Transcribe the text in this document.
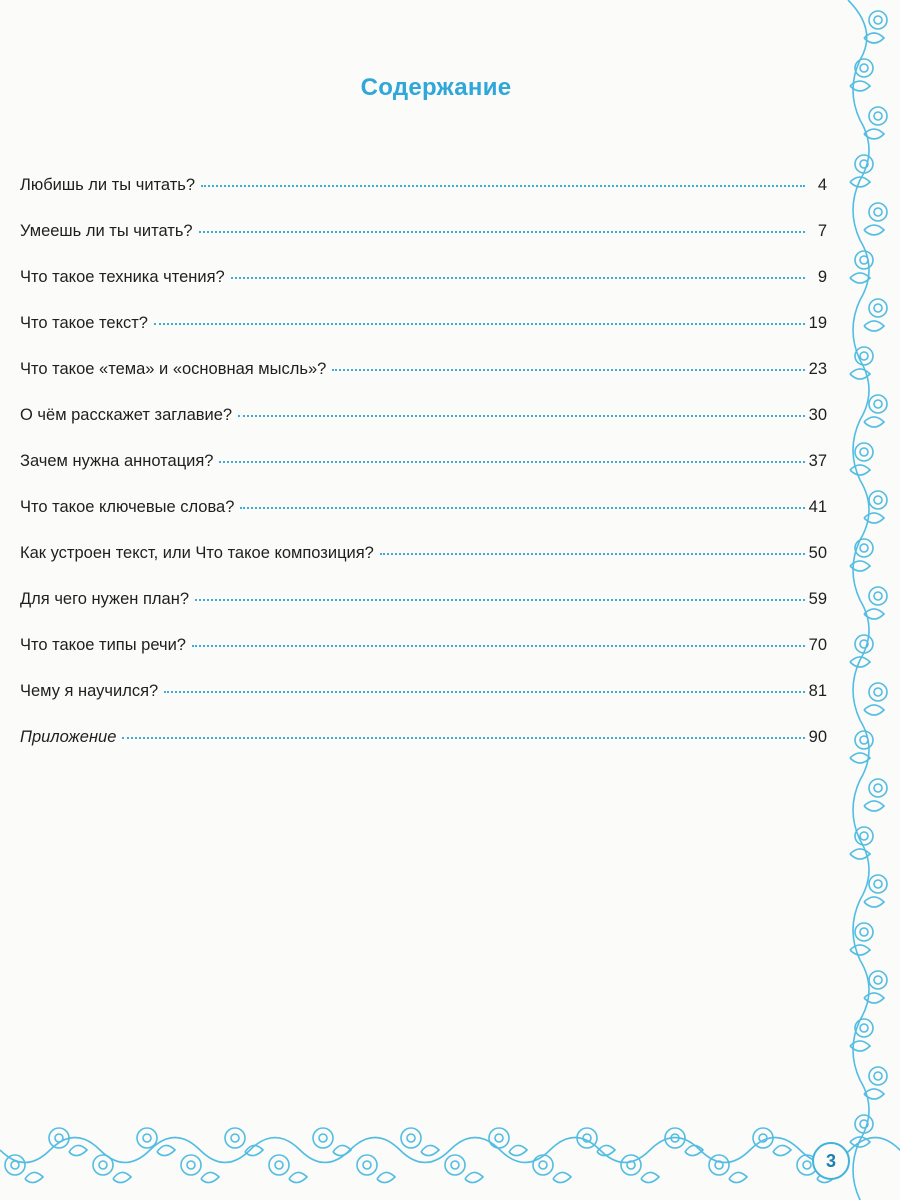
Содержание
Любишь ли ты читать?	4
Умеешь ли ты читать?	7
Что такое техника чтения?	9
Что такое текст?	19
Что такое «тема» и «основная мысль»?	23
О чём расскажет заглавие?	30
Зачем нужна аннотация?	37
Что такое ключевые слова?	41
Как устроен текст, или Что такое композиция?	50
Для чего нужен план?	59
Что такое типы речи?	70
Чему я научился?	81
Приложение	90
3
